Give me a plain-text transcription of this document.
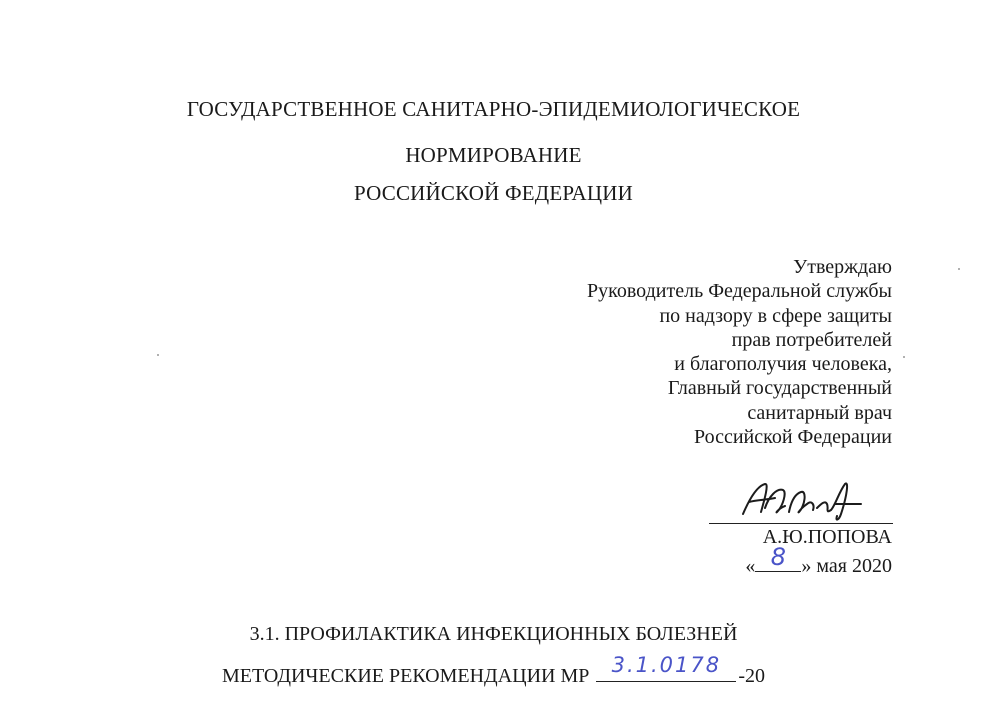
ГОСУДАРСТВЕННОЕ САНИТАРНО-ЭПИДЕМИОЛОГИЧЕСКОЕ
НОРМИРОВАНИЕ
РОССИЙСКОЙ ФЕДЕРАЦИИ
Утверждаю
Руководитель Федеральной службы
по надзору в сфере защиты
прав потребителей
и благополучия человека,
Главный государственный
санитарный врач
Российской Федерации
А.Ю.ПОПОВА
« 8 » мая 2020
3.1. ПРОФИЛАКТИКА ИНФЕКЦИОННЫХ БОЛЕЗНЕЙ
МЕТОДИЧЕСКИЕ РЕКОМЕНДАЦИИ МР	3.1.0178 -20
